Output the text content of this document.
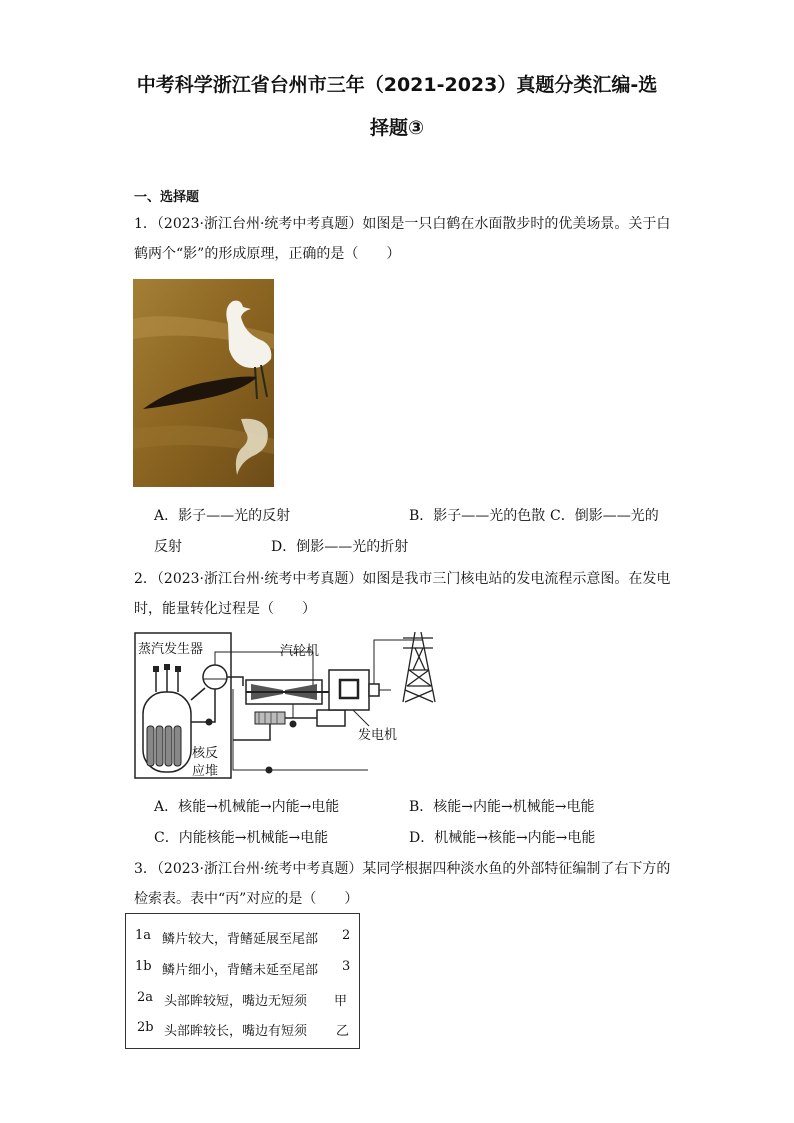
中考科学浙江省台州市三年（2021-2023）真题分类汇编-选
择题③
一、选择题
1．（2023·浙江台州·统考中考真题）如图是一只白鹤在水面散步时的优美场景。关于白
鹤两个“影”的形成原理，正确的是（　　）
A．影子——光的反射	B．影子——光的色散 C．倒影——光的
反射	D．倒影——光的折射
2．（2023·浙江台州·统考中考真题）如图是我市三门核电站的发电流程示意图。在发电
时，能量转化过程是（　　）
蒸汽发生器	汽轮机
发电机
核反
应堆
A．核能→机械能→内能→电能	B．核能→内能→机械能→电能
C．内能核能→机械能→电能	D．机械能→核能→内能→电能
3．（2023·浙江台州·统考中考真题）某同学根据四种淡水鱼的外部特征编制了右下方的
检索表。表中“丙”对应的是（　　）
1a 鳞片较大，背鳍延展至尾部 2
1b 鳞片细小，背鳍未延至尾部 3
2a 头部眸较短，嘴边无短须 甲
2b 头部眸较长，嘴边有短须 乙
